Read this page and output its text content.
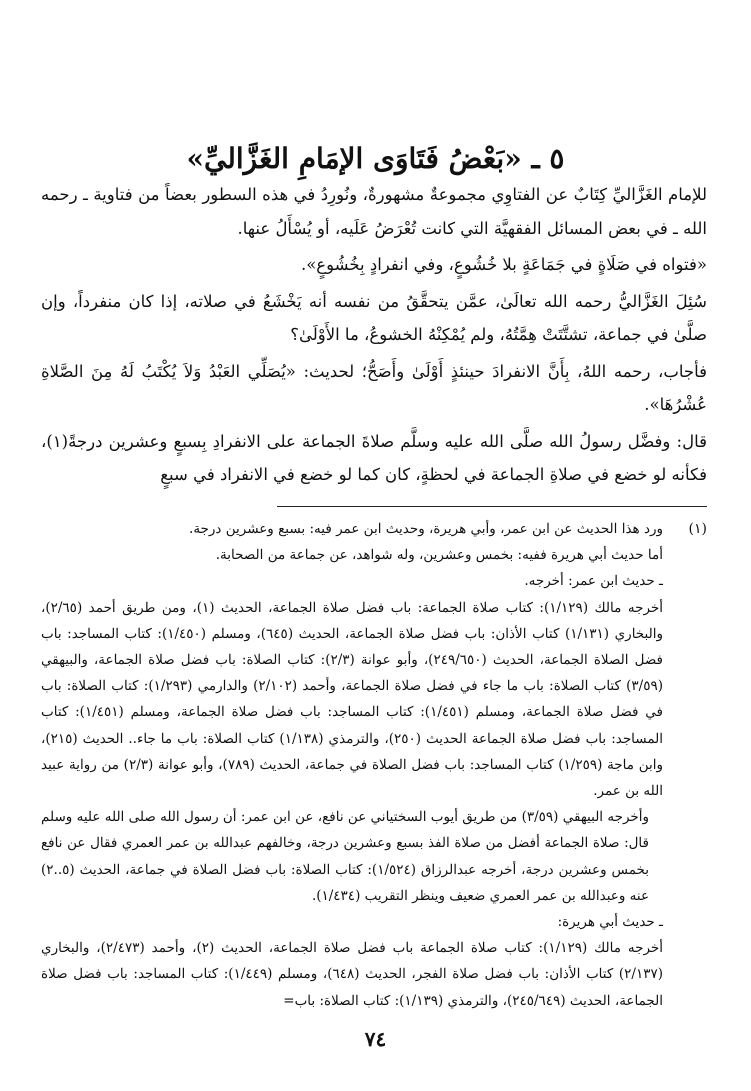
٥ ـ «بَعْضُ فَتَاوَى الإمَامِ الغَزَّاليِّ»

للإمام الغَزَّاليِّ كِتَابٌ عن الفتاوِي مجموعةٌ مشهورةٌ، ونُورِدُ في هذه السطور بعضاً من فتاوية ـ رحمه الله ـ في بعض المسائل الفقهيَّة التي كانت تُعْرَضُ عَلَيه، أو يُسْأَلُ عنها.

«فتواه في صَلَاةٍ في جَمَاعَةٍ بلا خُشُوعٍ، وفي انفرادٍ بِخُشُوعٍ».

سُئِلَ الغَزَّاليُّ رحمه الله تعالَىٰ، عمَّن يتحقَّقُ من نفسه أنه يَخْشَعُ في صلاته، إذا كان منفرداً، وإن صلَّىٰ في جماعة، تشتَّتَتْ هِمَّتُهُ، ولم يُمْكِنْهُ الخشوعُ، ما الأَوْلَىٰ؟

فأجاب، رحمه اللهُ، بِأَنَّ الانفرادَ حينئذٍ أَوْلَىٰ وأَصَحُّ؛ لحديث: «يُصَلِّي العَبْدُ وَلاَ يُكْتَبُ لَهُ مِنَ الصَّلاةِ عُشْرُهَا».

قال: وفضَّل رسولُ الله صلَّى الله عليه وسلَّم صلاةَ الجماعة على الانفرادِ بِسبعٍ وعشرين درجةً(١)، فكأنه لو خضع في صلاةِ الجماعة في لحظةٍ، كان كما لو خضع في الانفراد في سبعٍ

(١)

ورد هذا الحديث عن ابن عمر، وأبي هريرة، وحديث ابن عمر فيه: بسبع وعشرين درجة.

أما حديث أبي هريرة ففيه: بخمس وعشرين، وله شواهد، عن جماعة من الصحابة.

ـ حديث ابن عمر: أخرجه.

أخرجه مالك (١/١٢٩): كتاب صلاة الجماعة: باب فضل صلاة الجماعة، الحديث (١)، ومن طريق أحمد (٢/٦٥)، والبخاري (١/١٣١) كتاب الأذان: باب فضل صلاة الجماعة، الحديث (٦٤٥)، ومسلم (١/٤٥٠): كتاب المساجد: باب فضل الصلاة الجماعة، الحديث (٢٤٩/٦٥٠)، وأبو عوانة (٢/٣): كتاب الصلاة: باب فضل صلاة الجماعة، والبيهقي (٣/٥٩) كتاب الصلاة: باب ما جاء في فضل صلاة الجماعة، وأحمد (٢/١٠٢) والدارمي (١/٢٩٣): كتاب الصلاة: باب في فضل صلاة الجماعة، ومسلم (١/٤٥١): كتاب المساجد: باب فضل صلاة الجماعة، ومسلم (١/٤٥١): كتاب المساجد: باب فضل صلاة الجماعة الحديث (٢٥٠)، والترمذي (١/١٣٨) كتاب الصلاة: باب ما جاء.. الحديث (٢١٥)، وابن ماجة (١/٢٥٩) كتاب المساجد: باب فضل الصلاة في جماعة، الحديث (٧٨٩)، وأبو عوانة (٢/٣) من رواية عبيد الله بن عمر.

وأخرجه البيهقي (٣/٥٩) من طريق أيوب السختياني عن نافع، عن ابن عمر: أن رسول الله صلى الله عليه وسلم قال: صلاة الجماعة أفضل من صلاة الفذ بسبع وعشرين درجة، وخالفهم عبدالله بن عمر العمري فقال عن نافع بخمس وعشرين درجة، أخرجه عبدالرزاق (١/٥٢٤): كتاب الصلاة: باب فضل الصلاة في جماعة، الحديث (٥..٢) عنه وعبدالله بن عمر العمري ضعيف وينظر التقريب (١/٤٣٤).

ـ حديث أبي هريرة:

أخرجه مالك (١/١٢٩): كتاب صلاة الجماعة باب فضل صلاة الجماعة، الحديث (٢)، وأحمد (٢/٤٧٣)، والبخاري (٢/١٣٧) كتاب الأذان: باب فضل صلاة الفجر، الحديث (٦٤٨)، ومسلم (١/٤٤٩): كتاب المساجد: باب فضل صلاة الجماعة، الحديث (٢٤٥/٦٤٩)، والترمذي (١/١٣٩): كتاب الصلاة: باب=

٧٤
